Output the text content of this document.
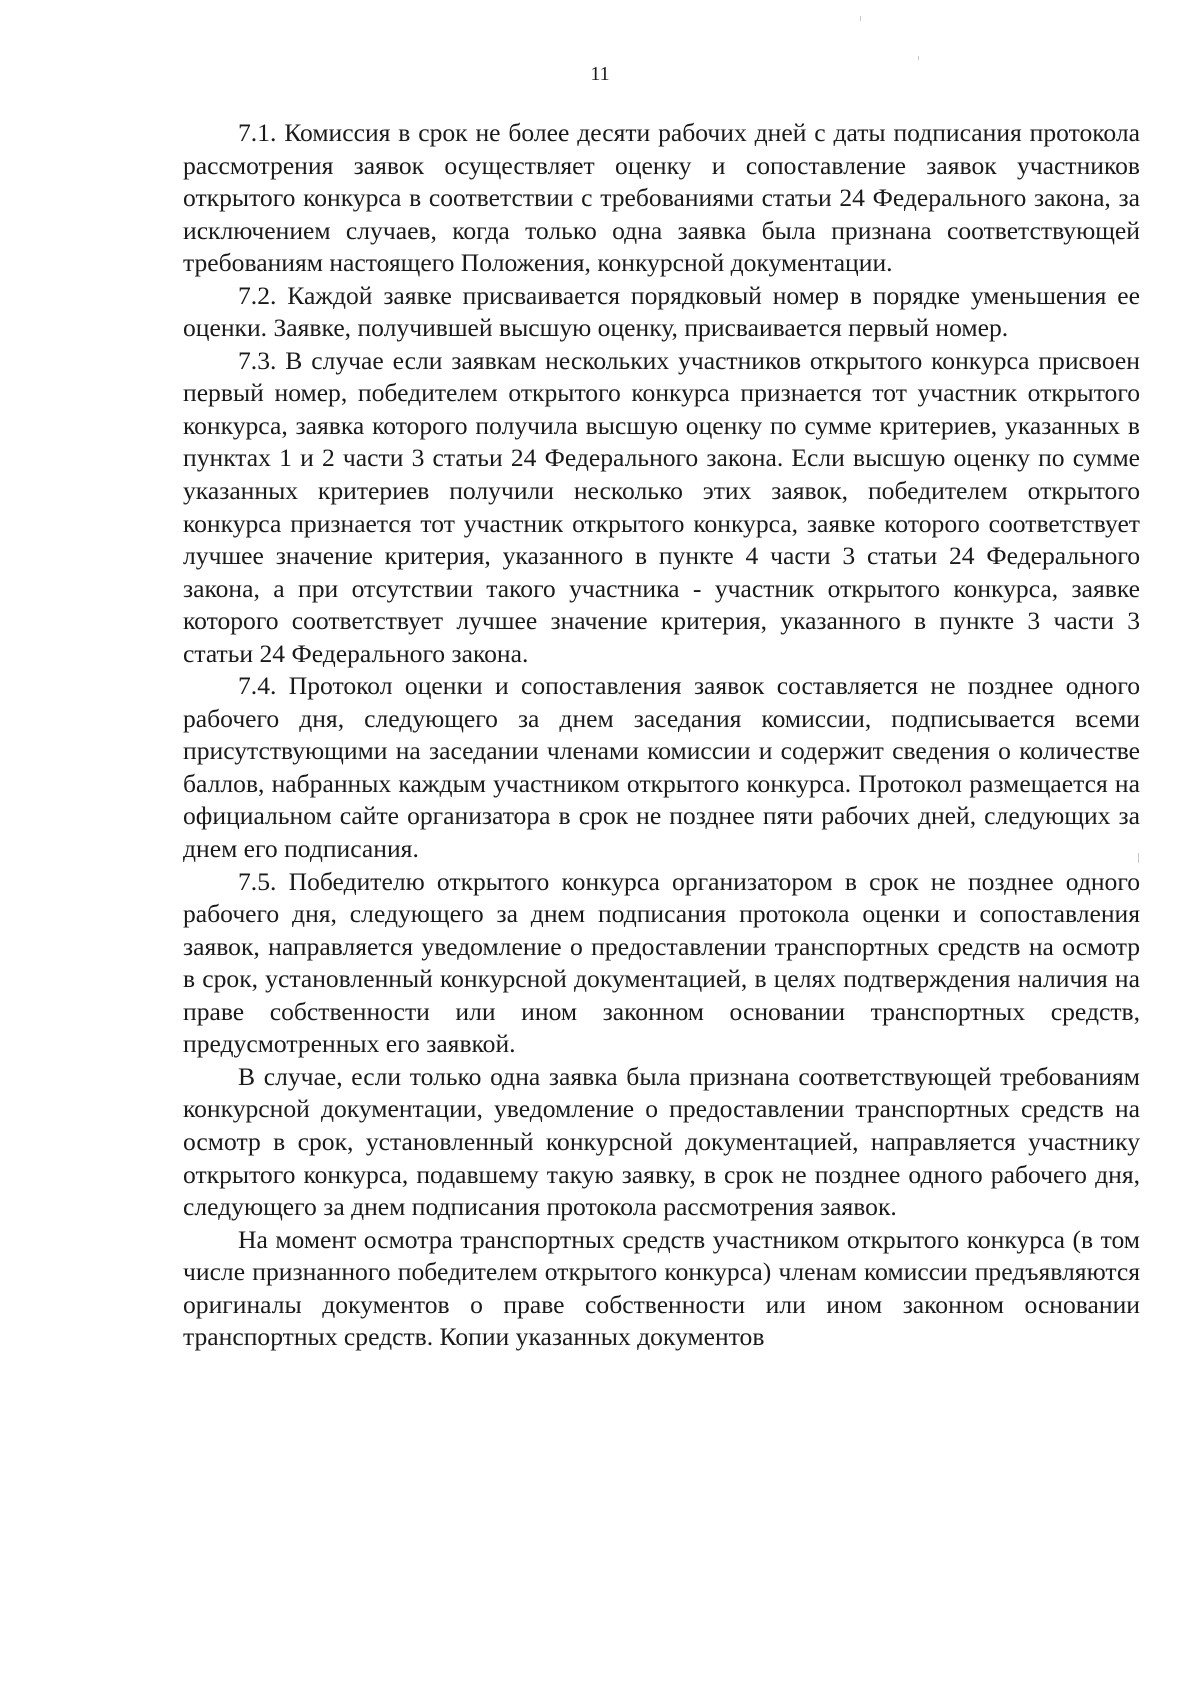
11

7.1. Комиссия в срок не более десяти рабочих дней с даты подписания протокола рассмотрения заявок осуществляет оценку и сопоставление заявок участников открытого конкурса в соответствии с требованиями статьи 24 Федерального закона, за исключением случаев, когда только одна заявка была признана соответствующей требованиям настоящего Положения, конкурсной документации.

7.2. Каждой заявке присваивается порядковый номер в порядке уменьшения ее оценки. Заявке, получившей высшую оценку, присваивается первый номер.

7.3. В случае если заявкам нескольких участников открытого конкурса присвоен первый номер, победителем открытого конкурса признается тот участник открытого конкурса, заявка которого получила высшую оценку по сумме критериев, указанных в пунктах 1 и 2 части 3 статьи 24 Федерального закона. Если высшую оценку по сумме указанных критериев получили несколько этих заявок, победителем открытого конкурса признается тот участник открытого конкурса, заявке которого соответствует лучшее значение критерия, указанного в пункте 4 части 3 статьи 24 Федерального закона, а при отсутствии такого участника - участник открытого конкурса, заявке которого соответствует лучшее значение критерия, указанного в пункте 3 части 3 статьи 24 Федерального закона.

7.4. Протокол оценки и сопоставления заявок составляется не позднее одного рабочего дня, следующего за днем заседания комиссии, подписывается всеми присутствующими на заседании членами комиссии и содержит сведения о количестве баллов, набранных каждым участником открытого конкурса. Протокол размещается на официальном сайте организатора в срок не позднее пяти рабочих дней, следующих за днем его подписания.

7.5. Победителю открытого конкурса организатором в срок не позднее одного рабочего дня, следующего за днем подписания протокола оценки и сопоставления заявок, направляется уведомление о предоставлении транспортных средств на осмотр в срок, установленный конкурсной документацией, в целях подтверждения наличия на праве собственности или ином законном основании транспортных средств, предусмотренных его заявкой.

В случае, если только одна заявка была признана соответствующей требованиям конкурсной документации, уведомление о предоставлении транспортных средств на осмотр в срок, установленный конкурсной документацией, направляется участнику открытого конкурса, подавшему такую заявку, в срок не позднее одного рабочего дня, следующего за днем подписания протокола рассмотрения заявок.

На момент осмотра транспортных средств участником открытого конкурса (в том числе признанного победителем открытого конкурса) членам комиссии предъявляются оригиналы документов о праве собственности или ином законном основании транспортных средств. Копии указанных документов
